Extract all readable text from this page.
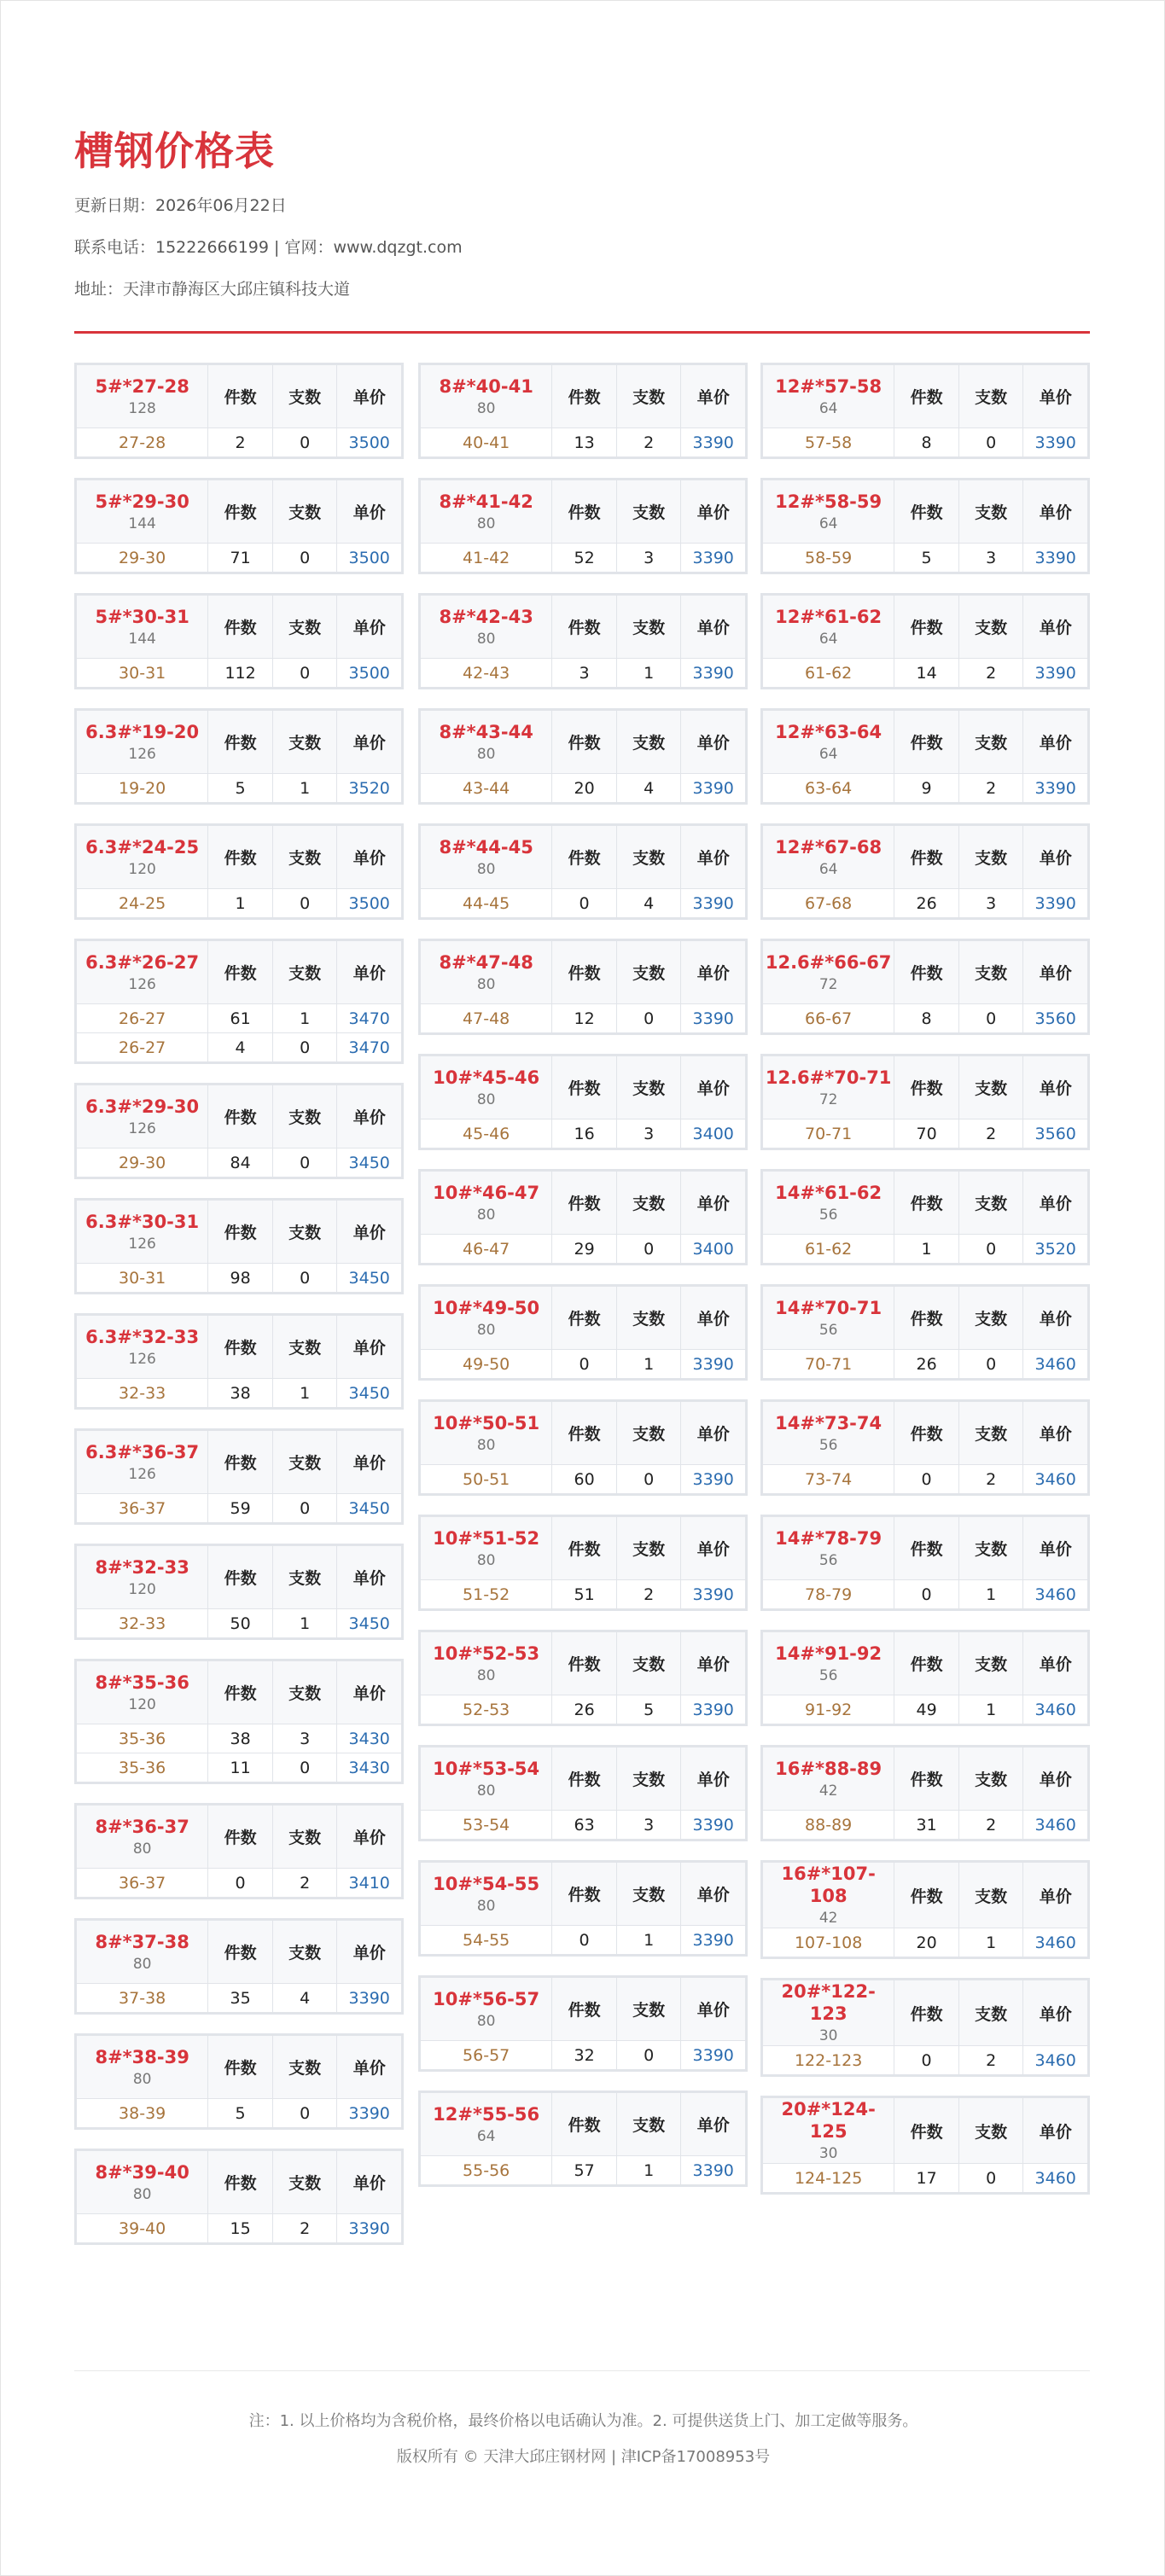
槽钢价格表
更新日期：2026年06月22日
联系电话：15222666199 | 官网：www.dqzgt.com
地址：天津市静海区大邱庄镇科技大道
5#*27-28
128	件数	支数	单价
27-28	2	0	3500
5#*29-30
144	件数	支数	单价
29-30	71	0	3500
5#*30-31
144	件数	支数	单价
30-31	112	0	3500
6.3#*19-20
126	件数	支数	单价
19-20	5	1	3520
6.3#*24-25
120	件数	支数	单价
24-25	1	0	3500
6.3#*26-27
126	件数	支数	单价
26-27	61	1	3470
26-27	4	0	3470
6.3#*29-30
126	件数	支数	单价
29-30	84	0	3450
6.3#*30-31
126	件数	支数	单价
30-31	98	0	3450
6.3#*32-33
126	件数	支数	单价
32-33	38	1	3450
6.3#*36-37
126	件数	支数	单价
36-37	59	0	3450
8#*32-33
120	件数	支数	单价
32-33	50	1	3450
8#*35-36
120	件数	支数	单价
35-36	38	3	3430
35-36	11	0	3430
8#*36-37
80	件数	支数	单价
36-37	0	2	3410
8#*37-38
80	件数	支数	单价
37-38	35	4	3390
8#*38-39
80	件数	支数	单价
38-39	5	0	3390
8#*39-40
80	件数	支数	单价
39-40	15	2	3390
8#*40-41
80	件数	支数	单价
40-41	13	2	3390
8#*41-42
80	件数	支数	单价
41-42	52	3	3390
8#*42-43
80	件数	支数	单价
42-43	3	1	3390
8#*43-44
80	件数	支数	单价
43-44	20	4	3390
8#*44-45
80	件数	支数	单价
44-45	0	4	3390
8#*47-48
80	件数	支数	单价
47-48	12	0	3390
10#*45-46
80	件数	支数	单价
45-46	16	3	3400
10#*46-47
80	件数	支数	单价
46-47	29	0	3400
10#*49-50
80	件数	支数	单价
49-50	0	1	3390
10#*50-51
80	件数	支数	单价
50-51	60	0	3390
10#*51-52
80	件数	支数	单价
51-52	51	2	3390
10#*52-53
80	件数	支数	单价
52-53	26	5	3390
10#*53-54
80	件数	支数	单价
53-54	63	3	3390
10#*54-55
80	件数	支数	单价
54-55	0	1	3390
10#*56-57
80	件数	支数	单价
56-57	32	0	3390
12#*55-56
64	件数	支数	单价
55-56	57	1	3390
12#*57-58
64	件数	支数	单价
57-58	8	0	3390
12#*58-59
64	件数	支数	单价
58-59	5	3	3390
12#*61-62
64	件数	支数	单价
61-62	14	2	3390
12#*63-64
64	件数	支数	单价
63-64	9	2	3390
12#*67-68
64	件数	支数	单价
67-68	26	3	3390
12.6#*66-67
72	件数	支数	单价
66-67	8	0	3560
12.6#*70-71
72	件数	支数	单价
70-71	70	2	3560
14#*61-62
56	件数	支数	单价
61-62	1	0	3520
14#*70-71
56	件数	支数	单价
70-71	26	0	3460
14#*73-74
56	件数	支数	单价
73-74	0	2	3460
14#*78-79
56	件数	支数	单价
78-79	0	1	3460
14#*91-92
56	件数	支数	单价
91-92	49	1	3460
16#*88-89
42	件数	支数	单价
88-89	31	2	3460
16#*107-108
42	件数	支数	单价
107-108	20	1	3460
20#*122-123
30	件数	支数	单价
122-123	0	2	3460
20#*124-125
30	件数	支数	单价
124-125	17	0	3460
注：1. 以上价格均为含税价格，最终价格以电话确认为准。2. 可提供送货上门、加工定做等服务。
版权所有 © 天津大邱庄钢材网 | 津ICP备17008953号
